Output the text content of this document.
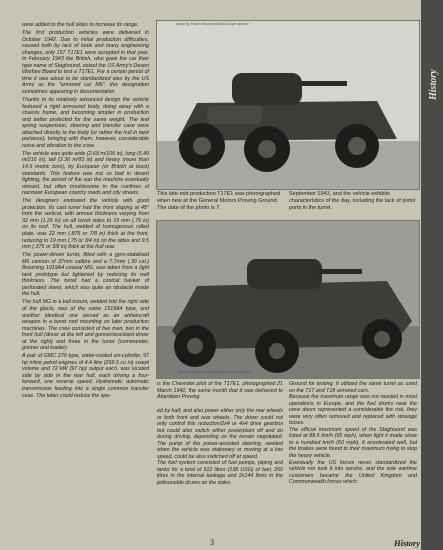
were added to the hull sides to increase its range.

The first production vehicles were delivered in October 1942. Due to initial production difficulties, caused both by lack of tools and many engineering changes, only 157 T17E1 were accepted in that year. In February 1943 the British, who gave the car their type name of Staghound, asked the US Army's Desert Warfare Board to test a T17E1. For a certain period of time it was about to be standardized also by the US Army as the "armored car M6", this designation sometimes appearing in documentation.

Thanks to its relatively advanced design the vehicle featured a rigid armoured body, doing away with a chassis frame, and becoming simpler in production and better protected for the same weight. The leaf spring suspension, steering and transfer case were attached directly to the body (or rather the hull in tank parlance), bringing with them, however, considerable noise and vibration to the crew.

The vehicle was quite wide (2.69 m/106 in), long (5.49 m/216 in), tall (2.36 m/93 in) and heavy (more than 14.5 metric tons), by European (or British at least) standards. This feature was not so bad in desert fighting, the period of the war the machine eventually missed, but often troublesome in the confines of narrower European country roads and city streets.

The designers endowed the vehicle with good protection. Its cast turret had the front sloping at 45° from the vertical, with armour thickness varying from 32 mm (1.25 in) on all turret sides to 19 mm (.75 in) on its roof. The hull, welded of homogenous rolled plate, was 22 mm (.875 or 7/8 in) thick at the front, reducing to 19 mm (.75 or 3/4 in) on the sides and 9.5 mm (.375 or 3/8 in) thick at the hull rear.

The power-driven turret, fitted with a gyro-stabilised M6 cannon of 37mm calibre and a 7.7mm (.30 cal.) Browning 1919A4 coaxial MG, was taken from a light tank prototype but lightened by reducing its wall thickness. The turret had a conical basket of perforated sheet, which was quite an obstacle inside the hull.

The hull MG in a ball mount, welded into the right side of the glacis, was of the same 1919A4 type, and another identical one served as an antiaircraft weapon in a turret roof mounting on later production machines. The crew consisted of five men, two in the front hull (driver at the left and gunner/assistant driver at the right) and three in the turret (commander, gunner and loader).

A pair of GMC 270 type, water-cooled six-cylinder, 97 hp inline petrol engines of 4.4 litre (269.5 cu in) swept volume and 72 kW (97 hp) output each, was located side by side in the rear hull, each driving a four-forward, one reverse speed, Hydramatic automatic transmission feeding into a single common transfer case. The latter could reduce the spe-

photo by Patton Museum/David Doyle archive
This late-mid production T17E1 was photographed when new at the General Motors Proving Ground. The date of the photo is 7
September 1943, and the vehicle exhibits characteristics of the day, including the lack of pistol ports in the turret.
photo by Patton Museum/David Doyle archive
is the Chevrolet pilot of the T17E1, photographed 21 March 1942, the same month that it was delivered to Aberdeen Proving
ed by half, and also power either only the rear wheels or both front and rear wheels. The driver could not only control this reduction/2x4 or 4x4 drive gearbox but could also switch either powerplant off and on during driving, depending on the terrain negotiated. The pump of the power-assisted steering, needed when the vehicle was stationary or moving at a low speed, could be also switched off at speed.
The fuel system consisted of fuel pumps, piping and tanks for a total of 522 litres (138 USG) of fuel, 265 litres in the internal tankage and 2x144 litres in the jettisonable drums on the sides.
Ground for testing. It utilized the same turret as used on the T17 and T18 armored cars.
Because the maximum range was not needed in most operations in Europe, and the fuel drums near the crew doors represented a considerable fire risk, they were very often removed and replaced with stowage boxes.
The official maximum speed of the Staghound was listed at 88.5 km/h (55 mph), when light it made close to a hundred km/h (60 mph). It accelerated well, but the brakes were found to their maximum trying to stop the heavy vehicle.
Eventually the US forces never standardized the vehicle nor took it into service, and the sole wartime customers became the United Kingdom and Commonwealth forces which
History
3	History
